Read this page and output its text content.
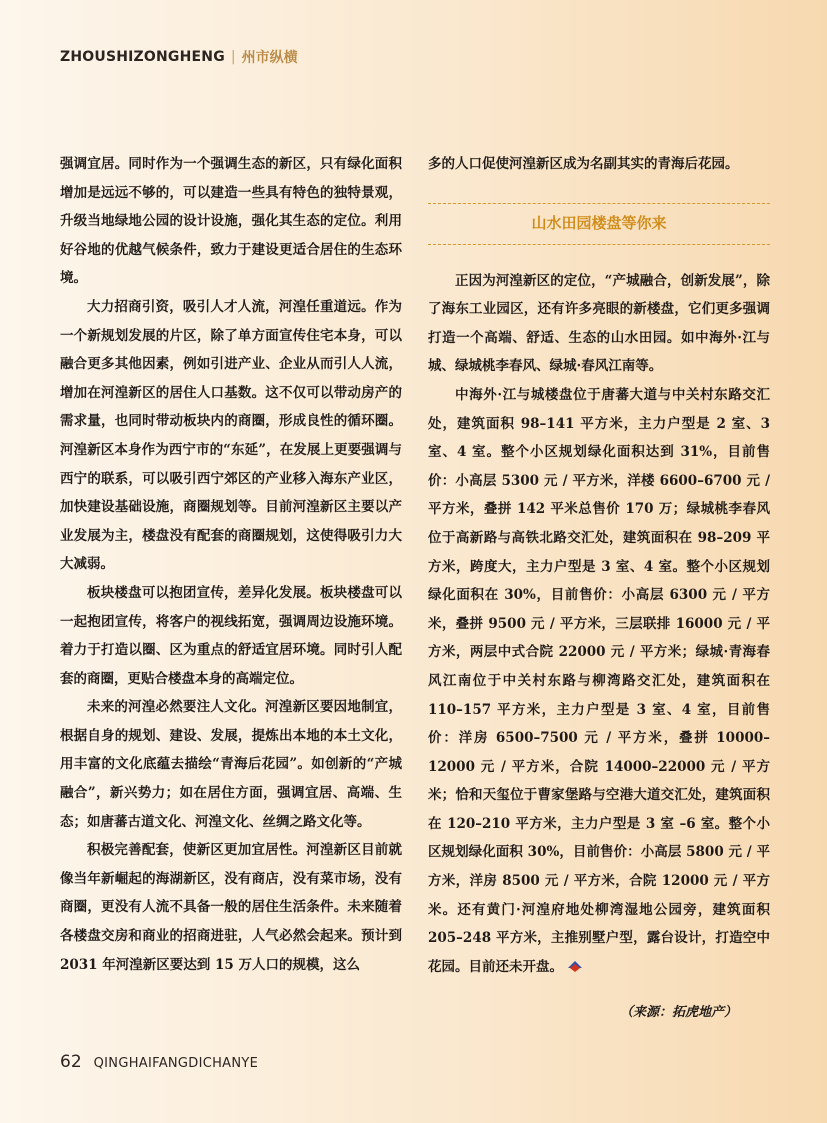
ZHOUSHIZONGHENG | 州市纵横

强调宜居。同时作为一个强调生态的新区，只有绿化面积增加是远远不够的，可以建造一些具有特色的独特景观，升级当地绿地公园的设计设施，强化其生态的定位。利用好谷地的优越气候条件，致力于建设更适合居住的生态环境。

大力招商引资，吸引人才人流，河湟任重道远。作为一个新规划发展的片区，除了单方面宣传住宅本身，可以融合更多其他因素，例如引进产业、企业从而引人人流，增加在河湟新区的居住人口基数。这不仅可以带动房产的需求量，也同时带动板块内的商圈，形成良性的循环圈。河湟新区本身作为西宁市的“东延”，在发展上更要强调与西宁的联系，可以吸引西宁郊区的产业移入海东产业区，加快建设基础设施，商圈规划等。目前河湟新区主要以产业发展为主，楼盘没有配套的商圈规划，这使得吸引力大大减弱。

板块楼盘可以抱团宣传，差异化发展。板块楼盘可以一起抱团宣传，将客户的视线拓宽，强调周边设施环境。着力于打造以圈、区为重点的舒适宜居环境。同时引人配套的商圈，更贴合楼盘本身的高端定位。

未来的河湟必然要注人文化。河湟新区要因地制宜，根据自身的规划、建设、发展，提炼出本地的本土文化，用丰富的文化底蕴去描绘“青海后花园”。如创新的“产城融合”，新兴势力；如在居住方面，强调宜居、高端、生态；如唐蕃古道文化、河湟文化、丝绸之路文化等。

积极完善配套，使新区更加宜居性。河湟新区目前就像当年新崛起的海湖新区，没有商店，没有菜市场，没有商圈，更没有人流不具备一般的居住生活条件。未来随着各楼盘交房和商业的招商进驻，人气必然会起来。预计到 2031 年河湟新区要达到 15 万人口的规模，这么

多的人口促使河湟新区成为名副其实的青海后花园。

山水田园楼盘等你来

正因为河湟新区的定位，“产城融合，创新发展”，除了海东工业园区，还有许多亮眼的新楼盘，它们更多强调打造一个高端、舒适、生态的山水田园。如中海外·江与城、绿城桃李春风、绿城·春风江南等。

中海外·江与城楼盘位于唐蕃大道与中关村东路交汇处，建筑面积 98–141 平方米，主力户型是 2 室、3 室、4 室。整个小区规划绿化面积达到 31%，目前售价：小高层 5300 元 / 平方米，洋楼 6600–6700 元 / 平方米，叠拼 142 平米总售价 170 万；绿城桃李春风位于高新路与高铁北路交汇处，建筑面积在 98–209 平方米，跨度大，主力户型是 3 室、4 室。整个小区规划绿化面积在 30%，目前售价：小高层 6300 元 / 平方米，叠拼 9500 元 / 平方米，三层联排 16000 元 / 平方米，两层中式合院 22000 元 / 平方米；绿城·青海春风江南位于中关村东路与柳湾路交汇处，建筑面积在 110–157 平方米，主力户型是 3 室、4 室，目前售价：洋房 6500–7500 元 / 平方米，叠拼 10000–12000 元 / 平方米，合院 14000–22000 元 / 平方米；恰和天玺位于曹家堡路与空港大道交汇处，建筑面积在 120–210 平方米，主力户型是 3 室 –6 室。整个小区规划绿化面积 30%，目前售价：小高层 5800 元 / 平方米，洋房 8500 元 / 平方米，合院 12000 元 / 平方米。还有黄门·河湟府地处柳湾湿地公园旁，建筑面积 205–248 平方米，主推别墅户型，露台设计，打造空中花园。目前还未开盘。

（来源：拓虎地产）
62 QINGHAIFANGDICHANYE
